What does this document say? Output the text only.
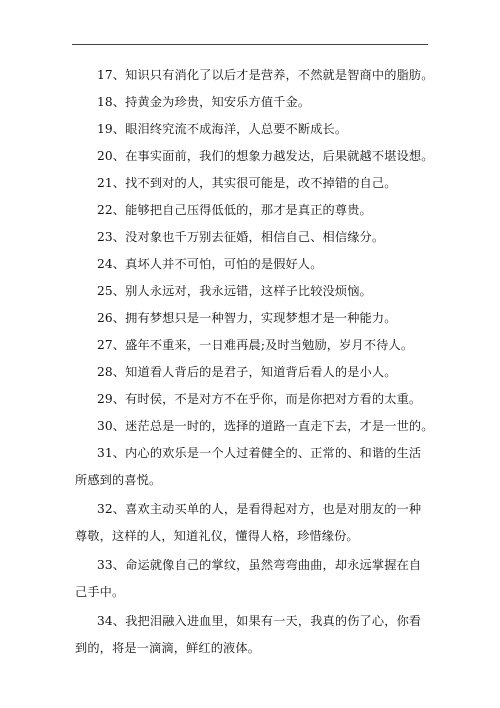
17、知识只有消化了以后才是营养，不然就是智商中的脂肪。
18、持黄金为珍贵，知安乐方值千金。
19、眼泪终究流不成海洋，人总要不断成长。
20、在事实面前，我们的想象力越发达，后果就越不堪设想。
21、找不到对的人，其实很可能是，改不掉错的自己。
22、能够把自己压得低低的，那才是真正的尊贵。
23、没对象也千万别去征婚，相信自己、相信缘分。
24、真坏人并不可怕，可怕的是假好人。
25、别人永远对，我永远错，这样子比较没烦恼。
26、拥有梦想只是一种智力，实现梦想才是一种能力。
27、盛年不重来，一日难再晨;及时当勉励，岁月不待人。
28、知道看人背后的是君子，知道背后看人的是小人。
29、有时侯，不是对方不在乎你，而是你把对方看的太重。
30、迷茫总是一时的，选择的道路一直走下去，才是一世的。
31、内心的欢乐是一个人过着健全的、正常的、和谐的生活所感到的喜悦。
32、喜欢主动买单的人，是看得起对方，也是对朋友的一种尊敬，这样的人，知道礼仪，懂得人格，珍惜缘份。
33、命运就像自己的掌纹，虽然弯弯曲曲，却永远掌握在自己手中。
34、我把泪融入进血里，如果有一天，我真的伤了心，你看到的，将是一滴滴，鲜红的液体。
